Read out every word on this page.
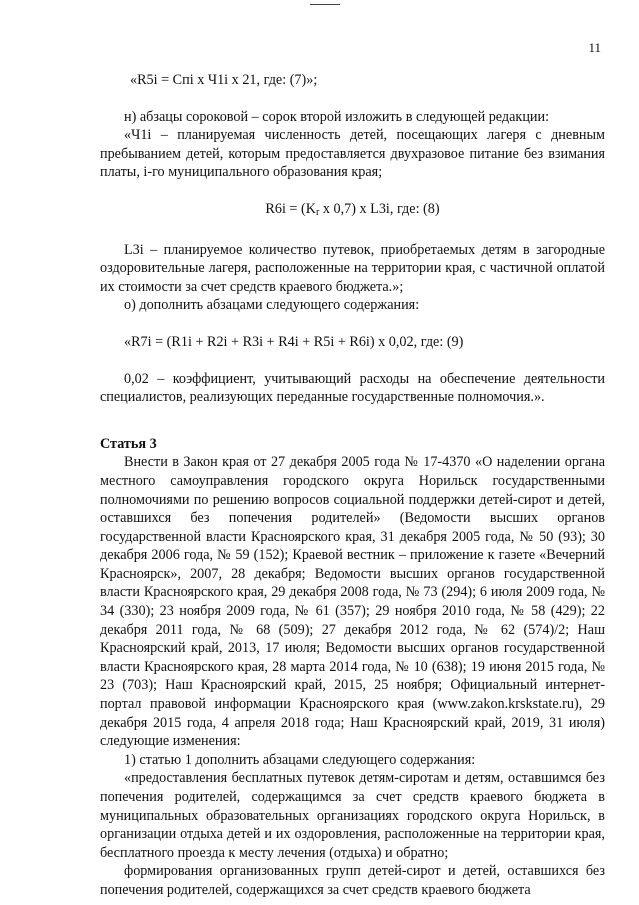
11

«R5i = Cпi x Ч1i x 21, где: (7)»;

н) абзацы сороковой – сорок второй изложить в следующей редакции:

«Ч1i – планируемая численность детей, посещающих лагеря с дневным пребыванием детей, которым предоставляется двухразовое питание без взимания платы, i-го муниципального образования края;

$R6i = (K_r$ x 0,7) x L3i, где: (8)

L3i – планируемое количество путевок, приобретаемых детям в загородные оздоровительные лагеря, расположенные на территории края, с частичной оплатой их стоимости за счет средств краевого бюджета.»;

о) дополнить абзацами следующего содержания:

«R7i = (R1i + R2i + R3i + R4i + R5i + R6i) x 0,02, где: (9)

0,02 – коэффициент, учитывающий расходы на обеспечение деятельности специалистов, реализующих переданные государственные полномочия.».

Статья 3

Внести в Закон края от 27 декабря 2005 года № 17-4370 «О наделении органа местного самоуправления городского округа Норильск государственными полномочиями по решению вопросов социальной поддержки детей-сирот и детей, оставшихся без попечения родителей» (Ведомости высших органов государственной власти Красноярского края, 31 декабря 2005 года, № 50 (93); 30 декабря 2006 года, № 59 (152); Краевой вестник – приложение к газете «Вечерний Красноярск», 2007, 28 декабря; Ведомости высших органов государственной власти Красноярского края, 29 декабря 2008 года, № 73 (294); 6 июля 2009 года, № 34 (330); 23 ноября 2009 года, № 61 (357); 29 ноября 2010 года, № 58 (429); 22 декабря 2011 года, № 68 (509); 27 декабря 2012 года, № 62 (574)/2; Наш Красноярский край, 2013, 17 июля; Ведомости высших органов государственной власти Красноярского края, 28 марта 2014 года, № 10 (638); 19 июня 2015 года, № 23 (703); Наш Красноярский край, 2015, 25 ноября; Официальный интернет-портал правовой информации Красноярского края (www.zakon.krskstate.ru), 29 декабря 2015 года, 4 апреля 2018 года; Наш Красноярский край, 2019, 31 июля) следующие изменения:

1) статью 1 дополнить абзацами следующего содержания:

«предоставления бесплатных путевок детям-сиротам и детям, оставшимся без попечения родителей, содержащимся за счет средств краевого бюджета в муниципальных образовательных организациях городского округа Норильск, в организации отдыха детей и их оздоровления, расположенные на территории края, бесплатного проезда к месту лечения (отдыха) и обратно;

формирования организованных групп детей-сирот и детей, оставшихся без попечения родителей, содержащихся за счет средств краевого бюджета
